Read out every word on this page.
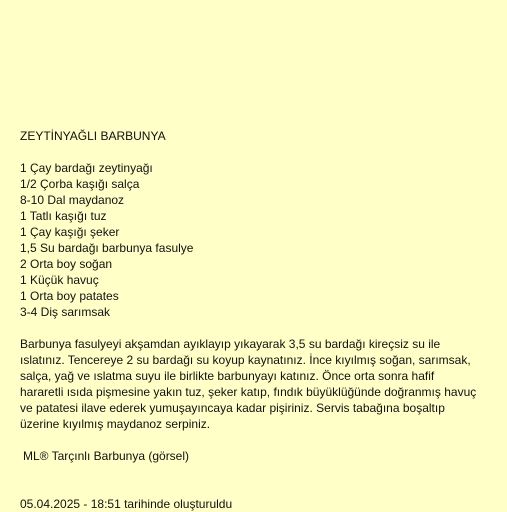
ZEYTİNYAĞLI BARBUNYA
1 Çay bardağı zeytinyağı
1/2 Çorba kaşığı salça
8-10 Dal maydanoz
1 Tatlı kaşığı tuz
1 Çay kaşığı şeker
1,5 Su bardağı barbunya fasulye
2 Orta boy soğan
1 Küçük havuç
1 Orta boy patates
3-4 Diş sarımsak

Barbunya fasulyeyi akşamdan ayıklayıp yıkayarak 3,5 su bardağı kireçsiz su ile ıslatınız. Tencereye 2 su bardağı su koyup kaynatınız. İnce kıyılmış soğan, sarımsak, salça, yağ ve ıslatma suyu ile birlikte barbunyayı katınız. Önce orta sonra hafif hararetli ısıda pişmesine yakın tuz, şeker katıp, fındık büyüklüğünde doğranmış havuç ve patatesi ilave ederek yumuşayıncaya kadar pişiriniz. Servis tabağına boşaltıp üzerine kıyılmış maydanoz serpiniz.

ML® Tarçınlı Barbunya (görsel)

05.04.2025 - 18:51 tarihinde oluşturuldu
